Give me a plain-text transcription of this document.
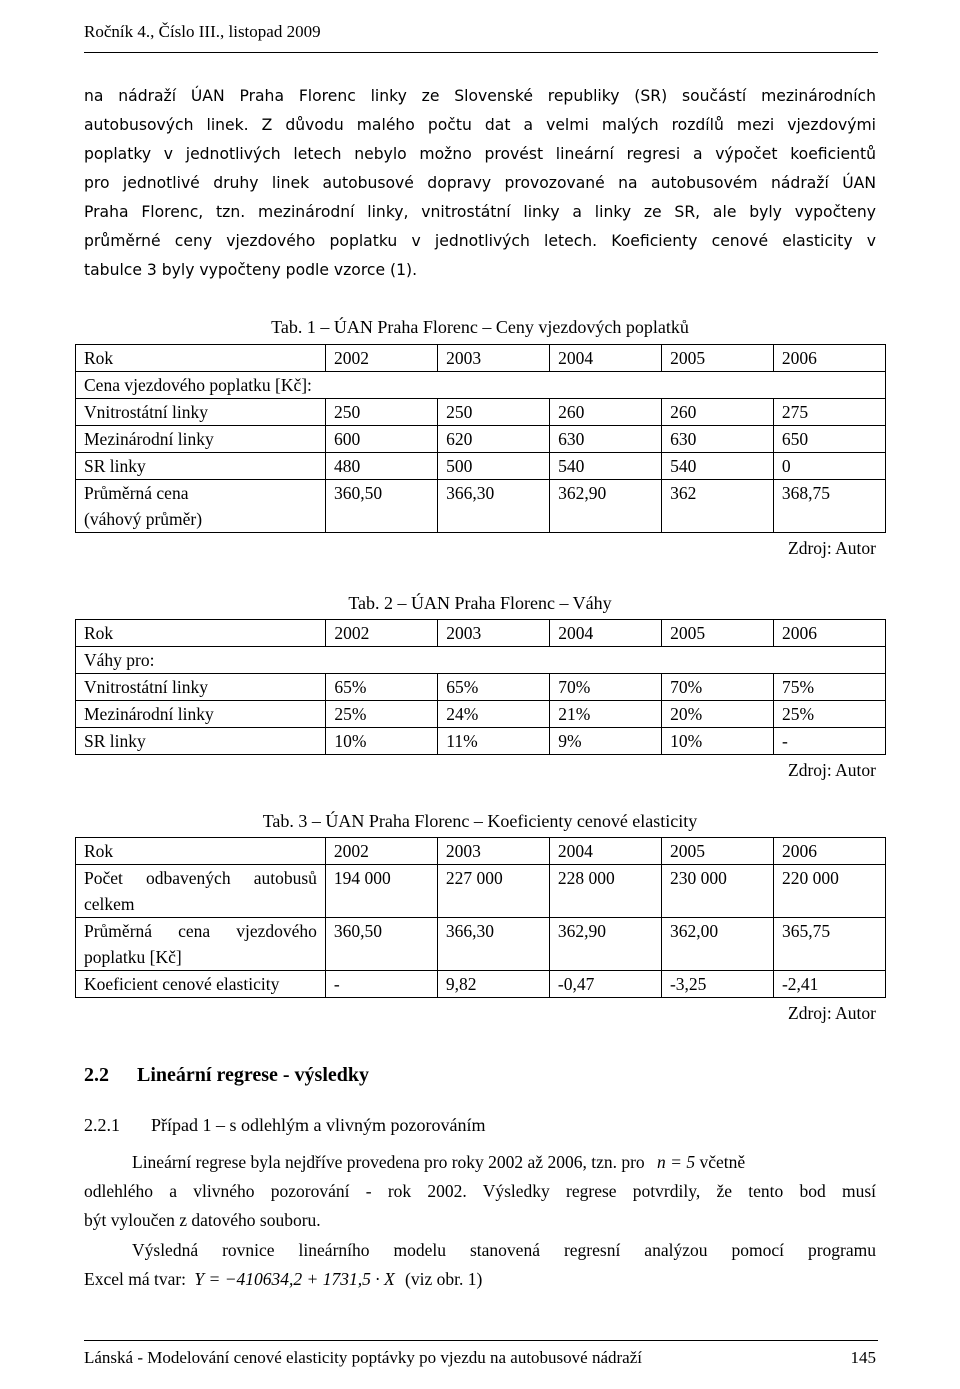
Ročník 4., Číslo III., listopad 2009
na nádraží ÚAN Praha Florenc linky ze Slovenské republiky (SR) součástí mezinárodních
autobusových linek. Z důvodu malého počtu dat a velmi malých rozdílů mezi vjezdovými
poplatky v jednotlivých letech nebylo možno provést lineární regresi a výpočet koeficientů
pro jednotlivé druhy linek autobusové dopravy provozované na autobusovém nádraží ÚAN
Praha Florenc, tzn. mezinárodní linky, vnitrostátní linky a linky ze SR, ale byly vypočteny
průměrné ceny vjezdového poplatku v jednotlivých letech. Koeficienty cenové elasticity v
tabulce 3 byly vypočteny podle vzorce (1).
Tab. 1 – ÚAN Praha Florenc – Ceny vjezdových poplatků
Rok	2002	2003	2004	2005	2006
Cena vjezdového poplatku [Kč]:					
Vnitrostátní linky	250	250	260	260	275
Mezinárodní linky	600	620	630	630	650
SR linky	480	500	540	540	0

Průměrná cena
(váhový průměr)	360,50	366,30	362,90	362	368,75
Zdroj: Autor
Tab. 2 – ÚAN Praha Florenc – Váhy
Rok	2002	2003	2004	2005	2006
Váhy pro:					
Vnitrostátní linky	65%	65%	70%	70%	75%
Mezinárodní linky	25%	24%	21%	20%	25%
SR linky	10%	11%	9%	10%	-
Zdroj: Autor
Tab. 3 – ÚAN Praha Florenc – Koeficienty cenové elasticity
Rok	2002	2003	2004	2005	2006

Počet odbavených autobusů
celkem	194 000	227 000	228 000	230 000	220 000

Průměrná cena vjezdového
poplatku [Kč]	360,50	366,30	362,90	362,00	365,75
Koeficient cenové elasticity	-	9,82	-0,47	-3,25	-2,41
Zdroj: Autor
2.2 Lineární regrese - výsledky
2.2.1 Případ 1 – s odlehlým a vlivným pozorováním
Lineární regrese byla nejdříve provedena pro roky 2002 až 2006, tzn. pro n = 5 včetně
odlehlého a vlivného pozorování - rok 2002. Výsledky regrese potvrdily, že tento bod musí
být vyloučen z datového souboru.
Výsledná rovnice lineárního modelu stanovená regresní analýzou pomocí programu
Excel má tvar: Y = −410634,2 + 1731,5 · X (viz obr. 1)
Lánská - Modelování cenové elasticity poptávky po vjezdu na autobusové nádraží	145
